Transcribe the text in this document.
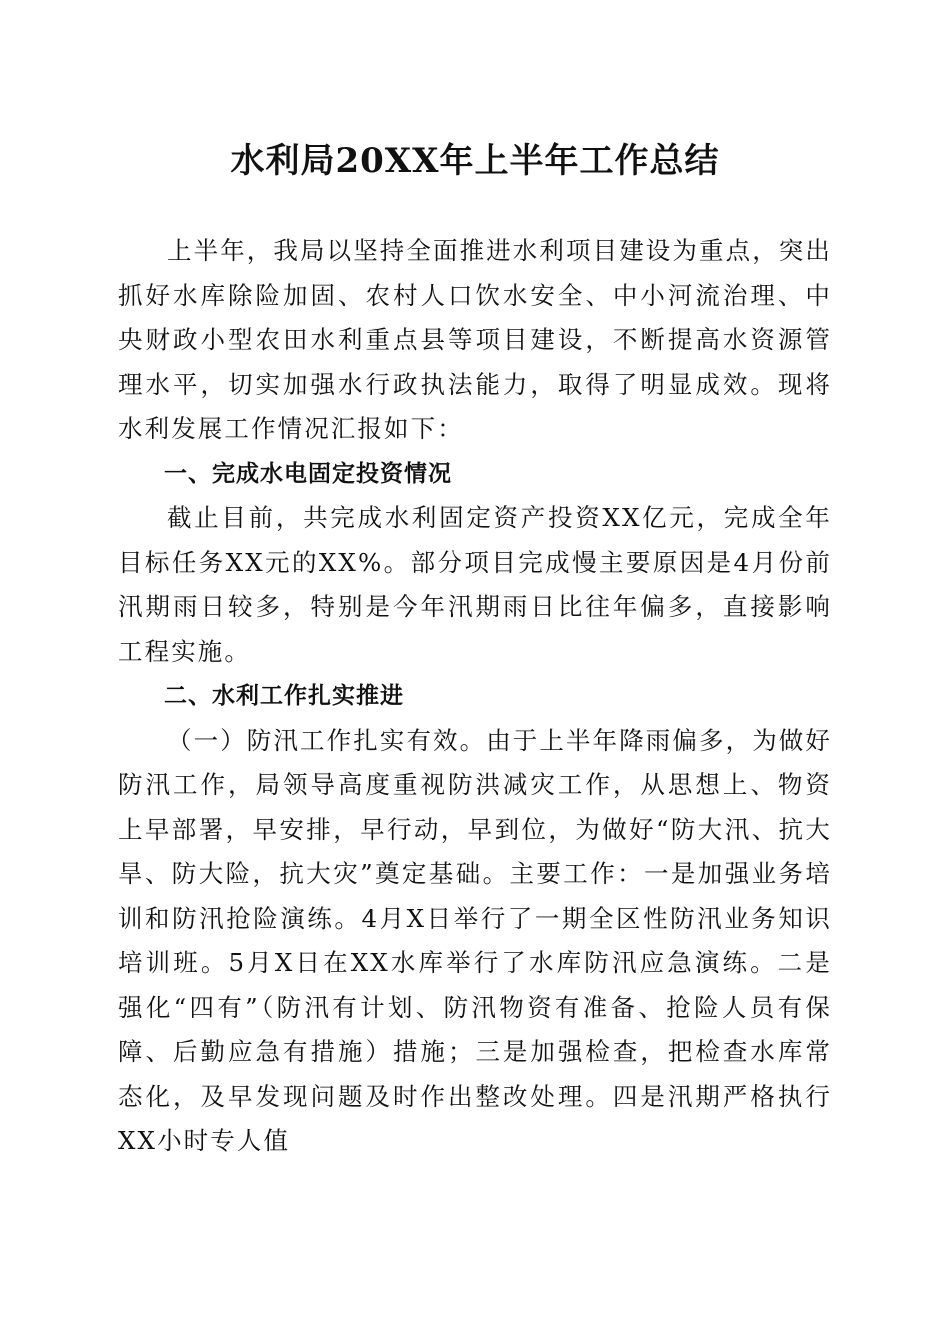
水利局20XX年上半年工作总结

上半年，我局以坚持全面推进水利项目建设为重点，突出抓好水库除险加固、农村人口饮水安全、中小河流治理、中央财政小型农田水利重点县等项目建设，不断提高水资源管理水平，切实加强水行政执法能力，取得了明显成效。现将水利发展工作情况汇报如下：

一、完成水电固定投资情况

截止目前，共完成水利固定资产投资XX亿元，完成全年目标任务XX元的XX%。部分项目完成慢主要原因是4月份前汛期雨日较多，特别是今年汛期雨日比往年偏多，直接影响工程实施。

二、水利工作扎实推进

（一）防汛工作扎实有效。由于上半年降雨偏多，为做好防汛工作，局领导高度重视防洪减灾工作，从思想上、物资上早部署，早安排，早行动，早到位，为做好“防大汛、抗大旱、防大险，抗大灾”奠定基础。主要工作：一是加强业务培训和防汛抢险演练。4月X日举行了一期全区性防汛业务知识培训班。5月X日在XX水库举行了水库防汛应急演练。二是强化“四有”（防汛有计划、防汛物资有准备、抢险人员有保障、后勤应急有措施）措施；三是加强检查，把检查水库常态化，及早发现问题及时作出整改处理。四是汛期严格执行XX小时专人值
